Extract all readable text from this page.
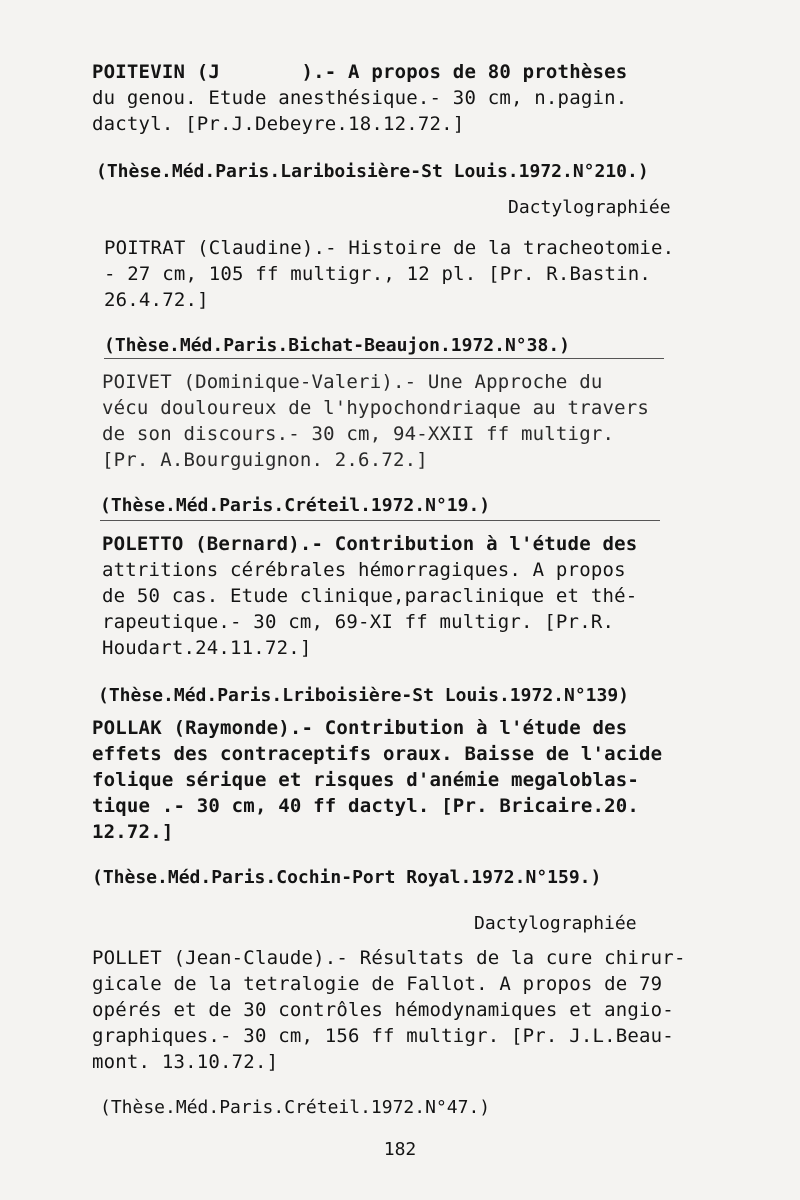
POITEVIN (J       ).- A propos de 80 prothèses
du genou. Etude anesthésique.- 30 cm, n.pagin.
dactyl. [Pr.J.Debeyre.18.12.72.]
(Thèse.Méd.Paris.Lariboisière-St Louis.1972.N°210.)
Dactylographiée
POITRAT (Claudine).- Histoire de la tracheotomie.
- 27 cm, 105 ff multigr., 12 pl. [Pr. R.Bastin.
26.4.72.]
(Thèse.Méd.Paris.Bichat-Beaujon.1972.N°38.)
POIVET (Dominique-Valeri).- Une Approche du
vécu douloureux de l'hypochondriaque au travers
de son discours.- 30 cm, 94-XXII ff multigr.
[Pr. A.Bourguignon. 2.6.72.]
(Thèse.Méd.Paris.Créteil.1972.N°19.)
POLETTO (Bernard).- Contribution à l'étude des
attritions cérébrales hémorragiques. A propos
de 50 cas. Etude clinique,paraclinique et thé-
rapeutique.- 30 cm, 69-XI ff multigr. [Pr.R.
Houdart.24.11.72.]
(Thèse.Méd.Paris.Lriboisière-St Louis.1972.N°139)
POLLAK (Raymonde).- Contribution à l'étude des
effets des contraceptifs oraux. Baisse de l'acide
folique sérique et risques d'anémie megaloblas-
tique .- 30 cm, 40 ff dactyl. [Pr. Bricaire.20.
12.72.]
(Thèse.Méd.Paris.Cochin-Port Royal.1972.N°159.)
Dactylographiée
POLLET (Jean-Claude).- Résultats de la cure chirur-
gicale de la tetralogie de Fallot. A propos de 79
opérés et de 30 contrôles hémodynamiques et angio-
graphiques.- 30 cm, 156 ff multigr. [Pr. J.L.Beau-
mont. 13.10.72.]
(Thèse.Méd.Paris.Créteil.1972.N°47.)
182
